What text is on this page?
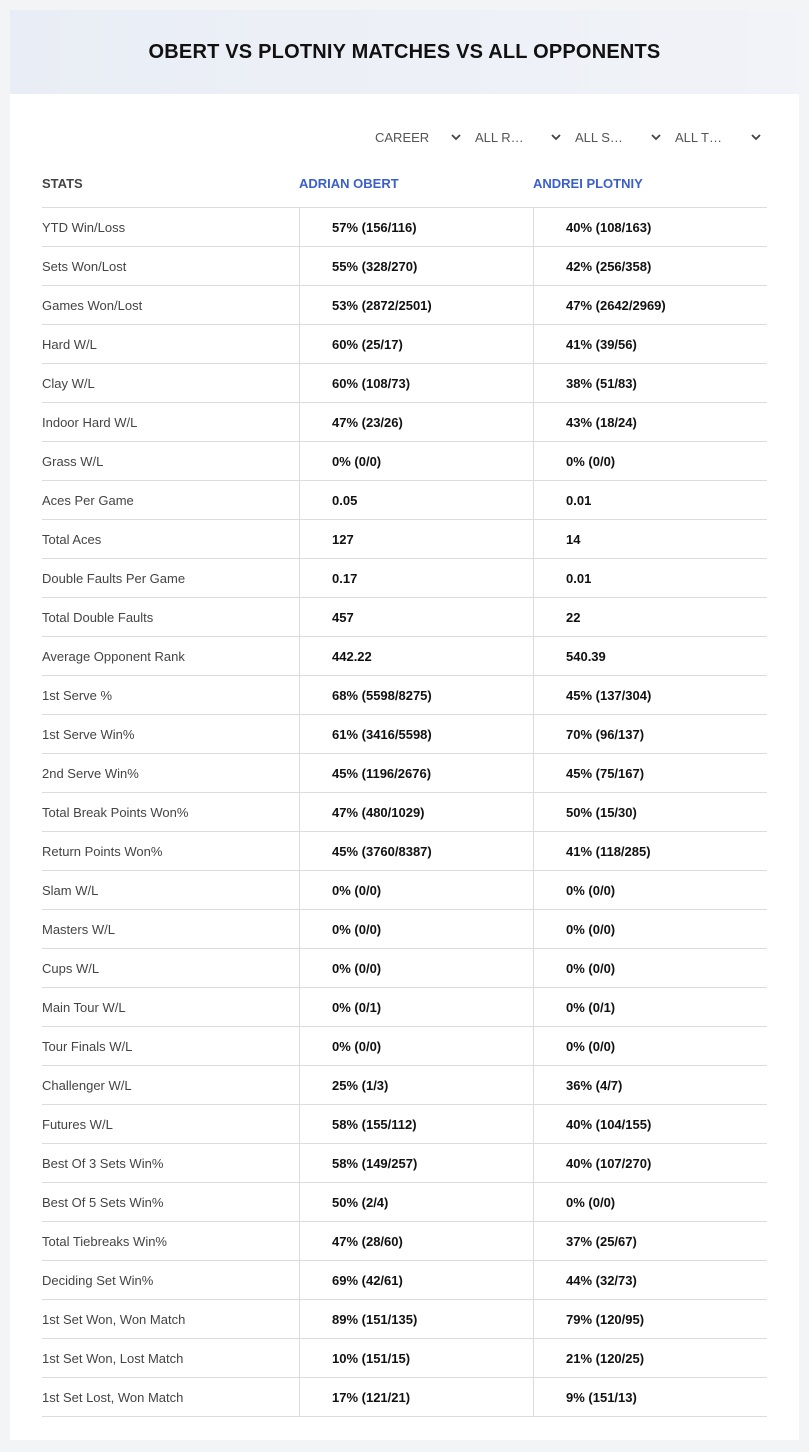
OBERT VS PLOTNIY MATCHES VS ALL OPPONENTS
CAREER	ALL R…	ALL S…	ALL T…
STATS	ADRIAN OBERT	ANDREI PLOTNIY
YTD Win/Loss	57% (156/116)	40% (108/163)
Sets Won/Lost	55% (328/270)	42% (256/358)
Games Won/Lost	53% (2872/2501)	47% (2642/2969)
Hard W/L	60% (25/17)	41% (39/56)
Clay W/L	60% (108/73)	38% (51/83)
Indoor Hard W/L	47% (23/26)	43% (18/24)
Grass W/L	0% (0/0)	0% (0/0)
Aces Per Game	0.05	0.01
Total Aces	127	14
Double Faults Per Game	0.17	0.01
Total Double Faults	457	22
Average Opponent Rank	442.22	540.39
1st Serve %	68% (5598/8275)	45% (137/304)
1st Serve Win%	61% (3416/5598)	70% (96/137)
2nd Serve Win%	45% (1196/2676)	45% (75/167)
Total Break Points Won%	47% (480/1029)	50% (15/30)
Return Points Won%	45% (3760/8387)	41% (118/285)
Slam W/L	0% (0/0)	0% (0/0)
Masters W/L	0% (0/0)	0% (0/0)
Cups W/L	0% (0/0)	0% (0/0)
Main Tour W/L	0% (0/1)	0% (0/1)
Tour Finals W/L	0% (0/0)	0% (0/0)
Challenger W/L	25% (1/3)	36% (4/7)
Futures W/L	58% (155/112)	40% (104/155)
Best Of 3 Sets Win%	58% (149/257)	40% (107/270)
Best Of 5 Sets Win%	50% (2/4)	0% (0/0)
Total Tiebreaks Win%	47% (28/60)	37% (25/67)
Deciding Set Win%	69% (42/61)	44% (32/73)
1st Set Won, Won Match	89% (151/135)	79% (120/95)
1st Set Won, Lost Match	10% (151/15)	21% (120/25)
1st Set Lost, Won Match	17% (121/21)	9% (151/13)
